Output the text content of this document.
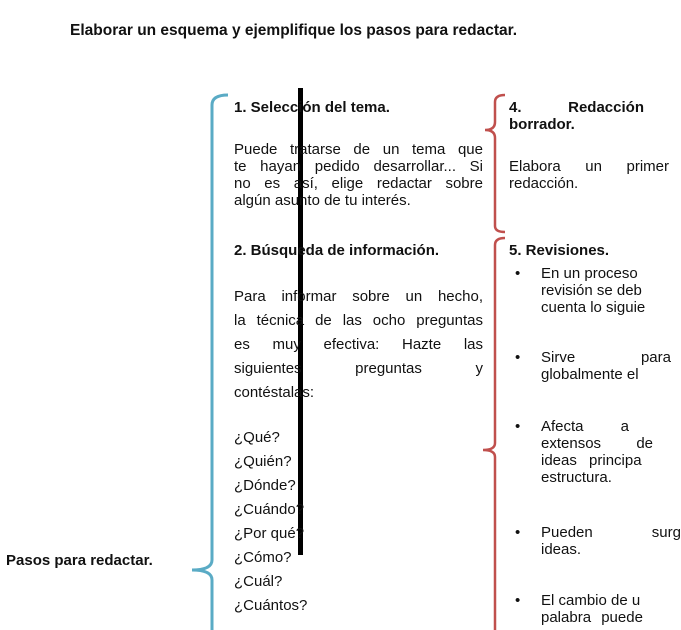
Elaborar un esquema y ejemplifique los pasos para redactar.
Pasos para redactar.
1. Selección del tema.
Puede tratarse de un tema que
te hayan pedido desarrollar... Si
no es así, elige redactar sobre
algún asunto de tu interés.
2. Búsqueda de información.
Para informar sobre un hecho,
la técnica de las ocho preguntas
es muy efectiva: Hazte las
siguientes preguntas y
contéstalas:
¿Qué?
¿Quién?
¿Dónde?
¿Cuándo?
¿Por qué?
¿Cómo?
¿Cuál?
¿Cuántos?
4. Redacción
borrador.
Elabora un primer
redacción.
5. Revisiones.
• En un proceso
revisión se deb
cuenta lo siguie
• Sirve para
globalmente el
• Afecta a
extensos de
ideas principa
estructura.
• Pueden surg
ideas.
• El cambio de u
palabra puede
